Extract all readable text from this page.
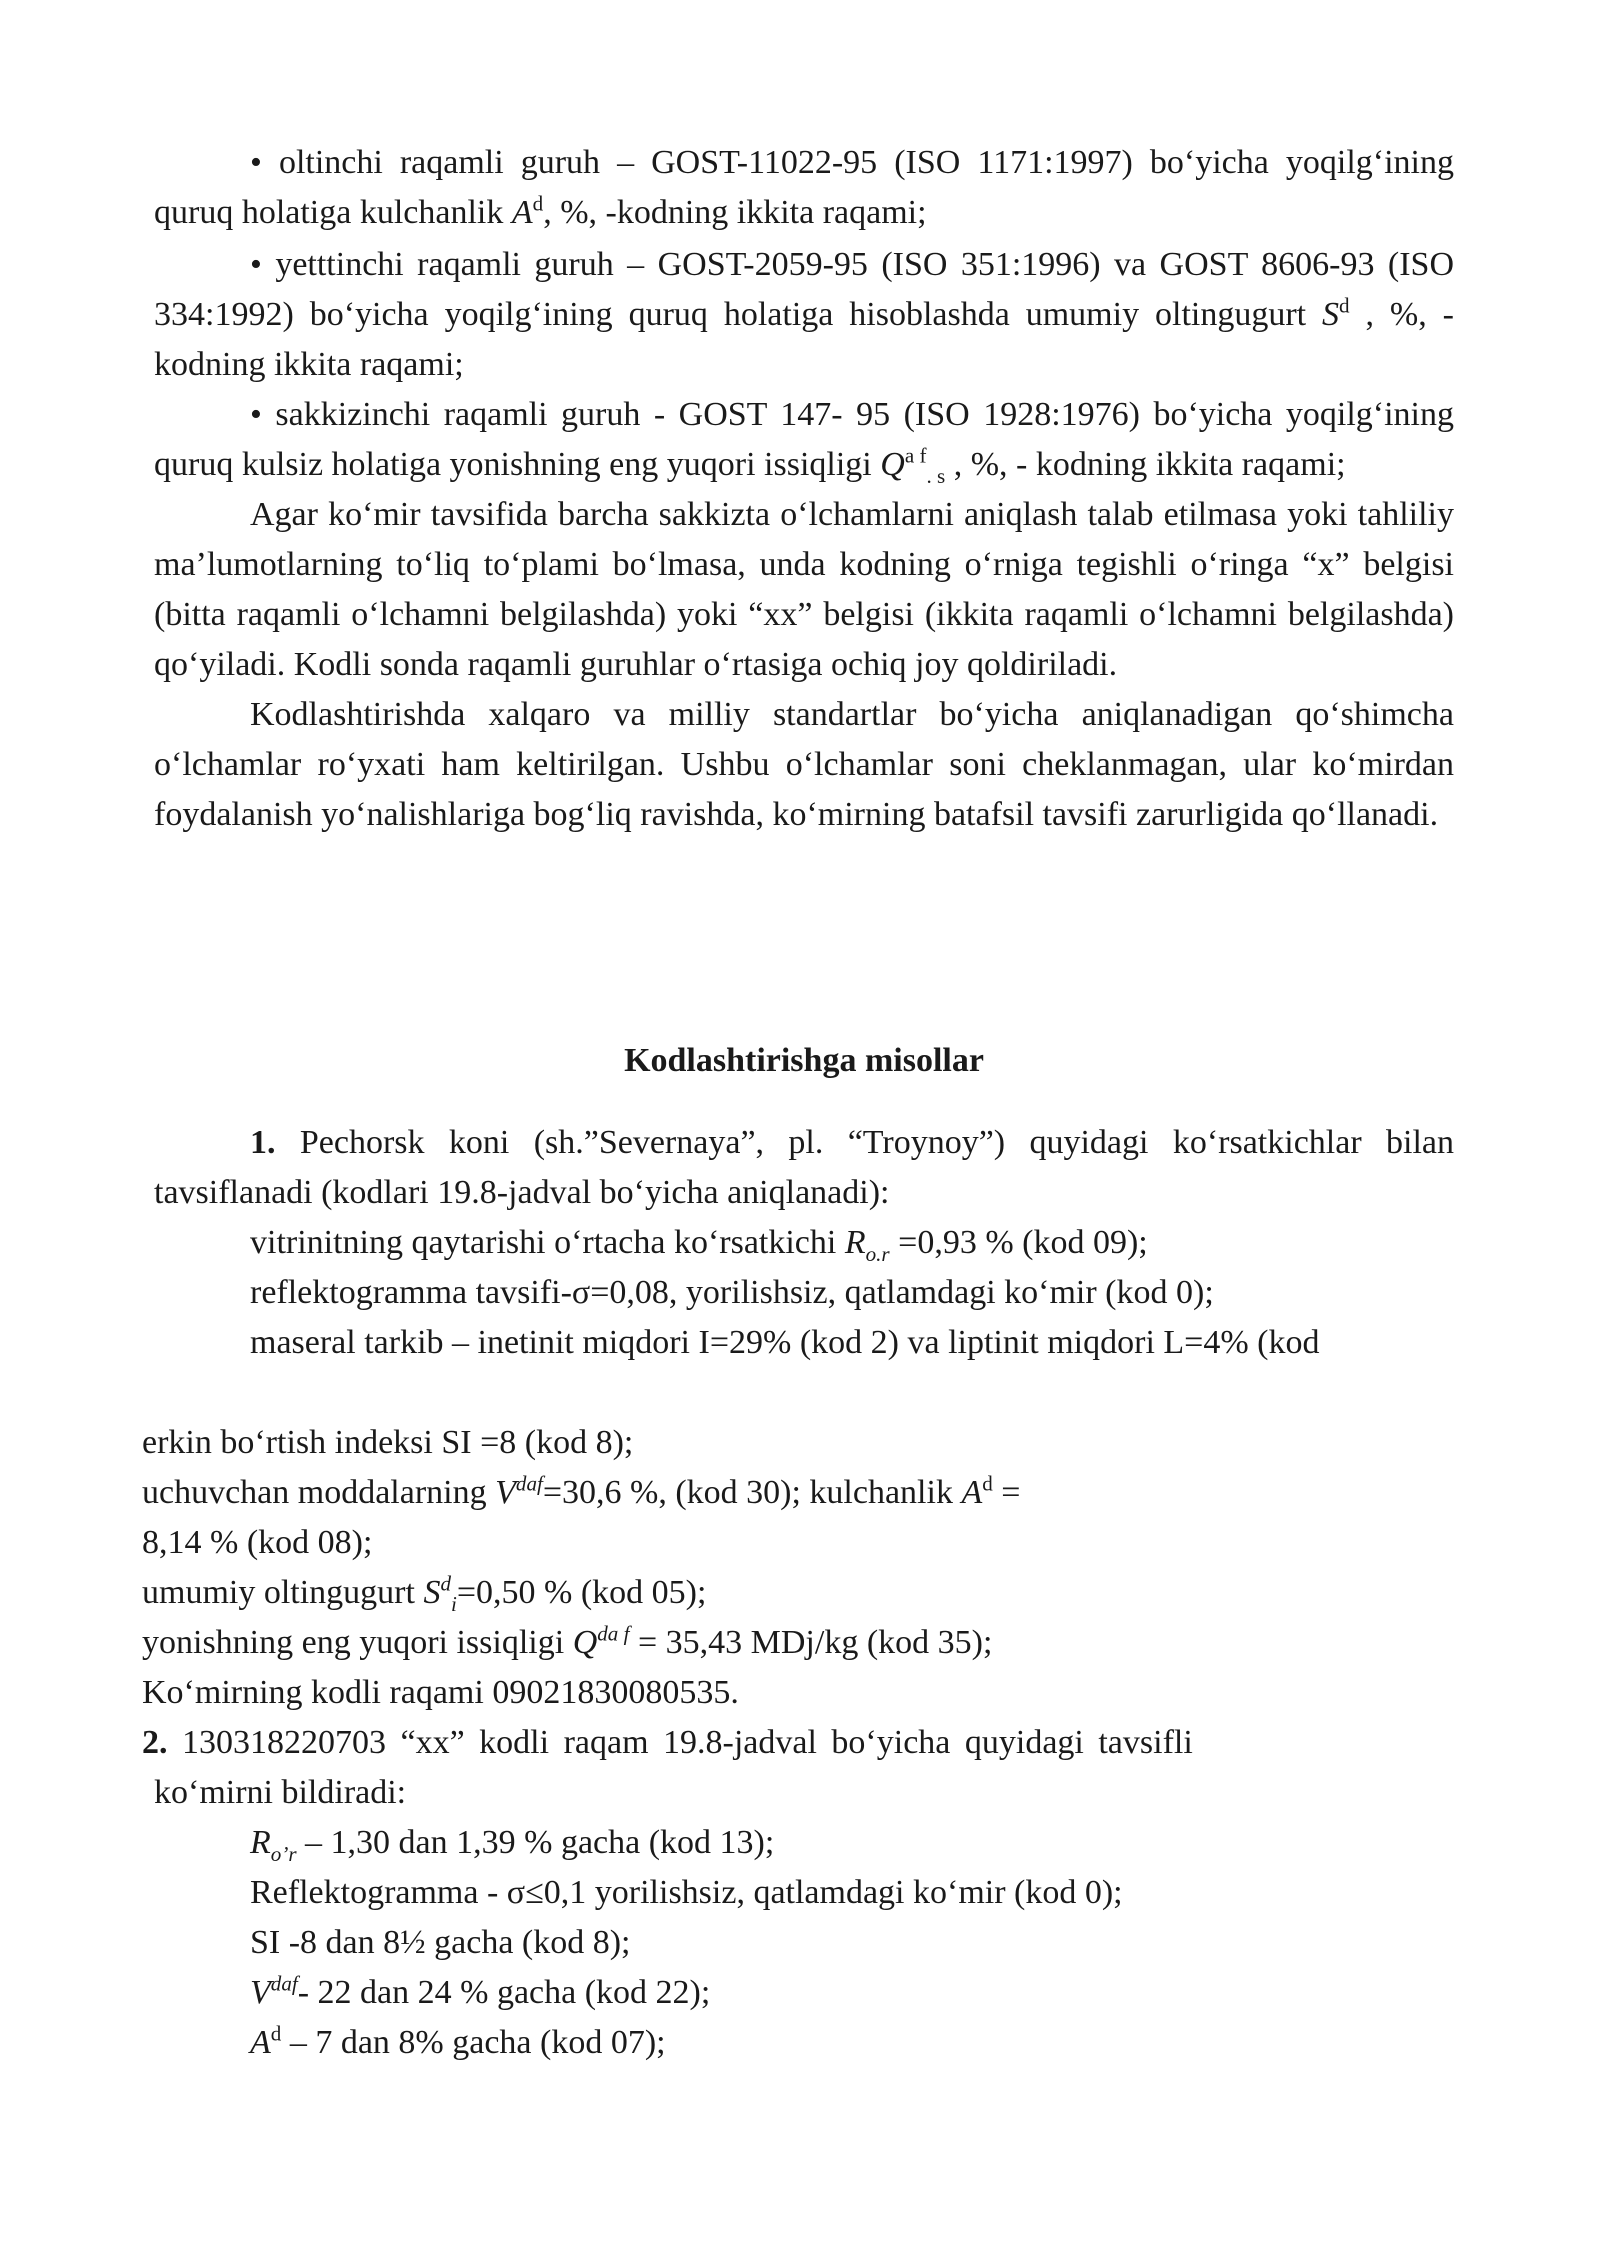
• oltinchi raqamli guruh – GOST-11022-95 (ISO 1171:1997) bo‘yicha yoqilg‘ining quruq holatiga kulchanlik $A^d$, %, -kodning ikkita raqami;

• yetttinchi raqamli guruh – GOST-2059-95 (ISO 351:1996) va GOST 8606-93 (ISO 334:1992) bo‘yicha yoqilg‘ining quruq holatiga hisoblashda umumiy oltingugurt $S^d$ , %, -kodning ikkita raqami;

• sakkizinchi raqamli guruh - GOST 147- 95 (ISO 1928:1976) bo‘yicha yoqilg‘ining quruq kulsiz holatiga yonishning eng yuqori issiqligi $Q^{a f}_{. s}$ , %, - kodning ikkita raqami;

Agar ko‘mir tavsifida barcha sakkizta o‘lchamlarni aniqlash talab etilmasa yoki tahliliy ma’lumotlarning to‘liq to‘plami bo‘lmasa, unda kodning o‘rniga tegishli o‘ringa “x” belgisi (bitta raqamli o‘lchamni belgilashda) yoki “xx” belgisi (ikkita raqamli o‘lchamni belgilashda) qo‘yiladi. Kodli sonda raqamli guruhlar o‘rtasiga ochiq joy qoldiriladi.

Kodlashtirishda xalqaro va milliy standartlar bo‘yicha aniqlanadigan qo‘shimcha o‘lchamlar ro‘yxati ham keltirilgan. Ushbu o‘lchamlar soni cheklanmagan, ular ko‘mirdan foydalanish yo‘nalishlariga bog‘liq ravishda, ko‘mirning batafsil tavsifi zarurligida qo‘llanadi.

Kodlashtirishga misollar

1. Pechorsk koni (sh.”Severnaya”, pl. “Troynoy”) quyidagi ko‘rsatkichlar bilan tavsiflanadi (kodlari 19.8-jadval bo‘yicha aniqlanadi):

vitrinitning qaytarishi o‘rtacha ko‘rsatkichi $R_{o.r} =0,93$ % (kod 09);
reflektogramma tavsifi-σ=0,08, yorilishsiz, qatlamdagi ko‘mir (kod 0);
maseral tarkib – inetinit miqdori I=29% (kod 2) va liptinit miqdori L=4% (kod
erkin bo‘rtish indeksi SI =8 (kod 8);
uchuvchan moddalarning $V^{daf}=30,6$ %, (kod 30); kulchanlik $A^d$ =
8,14 % (kod 08);
umumiy oltingugurt $S^d_i=0,50$ % (kod 05);
yonishning eng yuqori issiqligi $Q^{da f} = 35,43$ MDj/kg (kod 35);
Ko‘mirning kodli raqami 09021830080535.
2. 130318220703 “xx” kodli raqam 19.8-jadval bo‘yicha quyidagi tavsifli
ko‘mirni bildiradi:
$R_{o’r} - 1,30$ dan 1,39 % gacha (kod 13);
Reflektogramma - σ≤0,1 yorilishsiz, qatlamdagi ko‘mir (kod 0);
SI -8 dan 8½ gacha (kod 8);
$V^{daf}-$ 22 dan 24 % gacha (kod 22);
$A^d - 7$ dan 8% gacha (kod 07);
